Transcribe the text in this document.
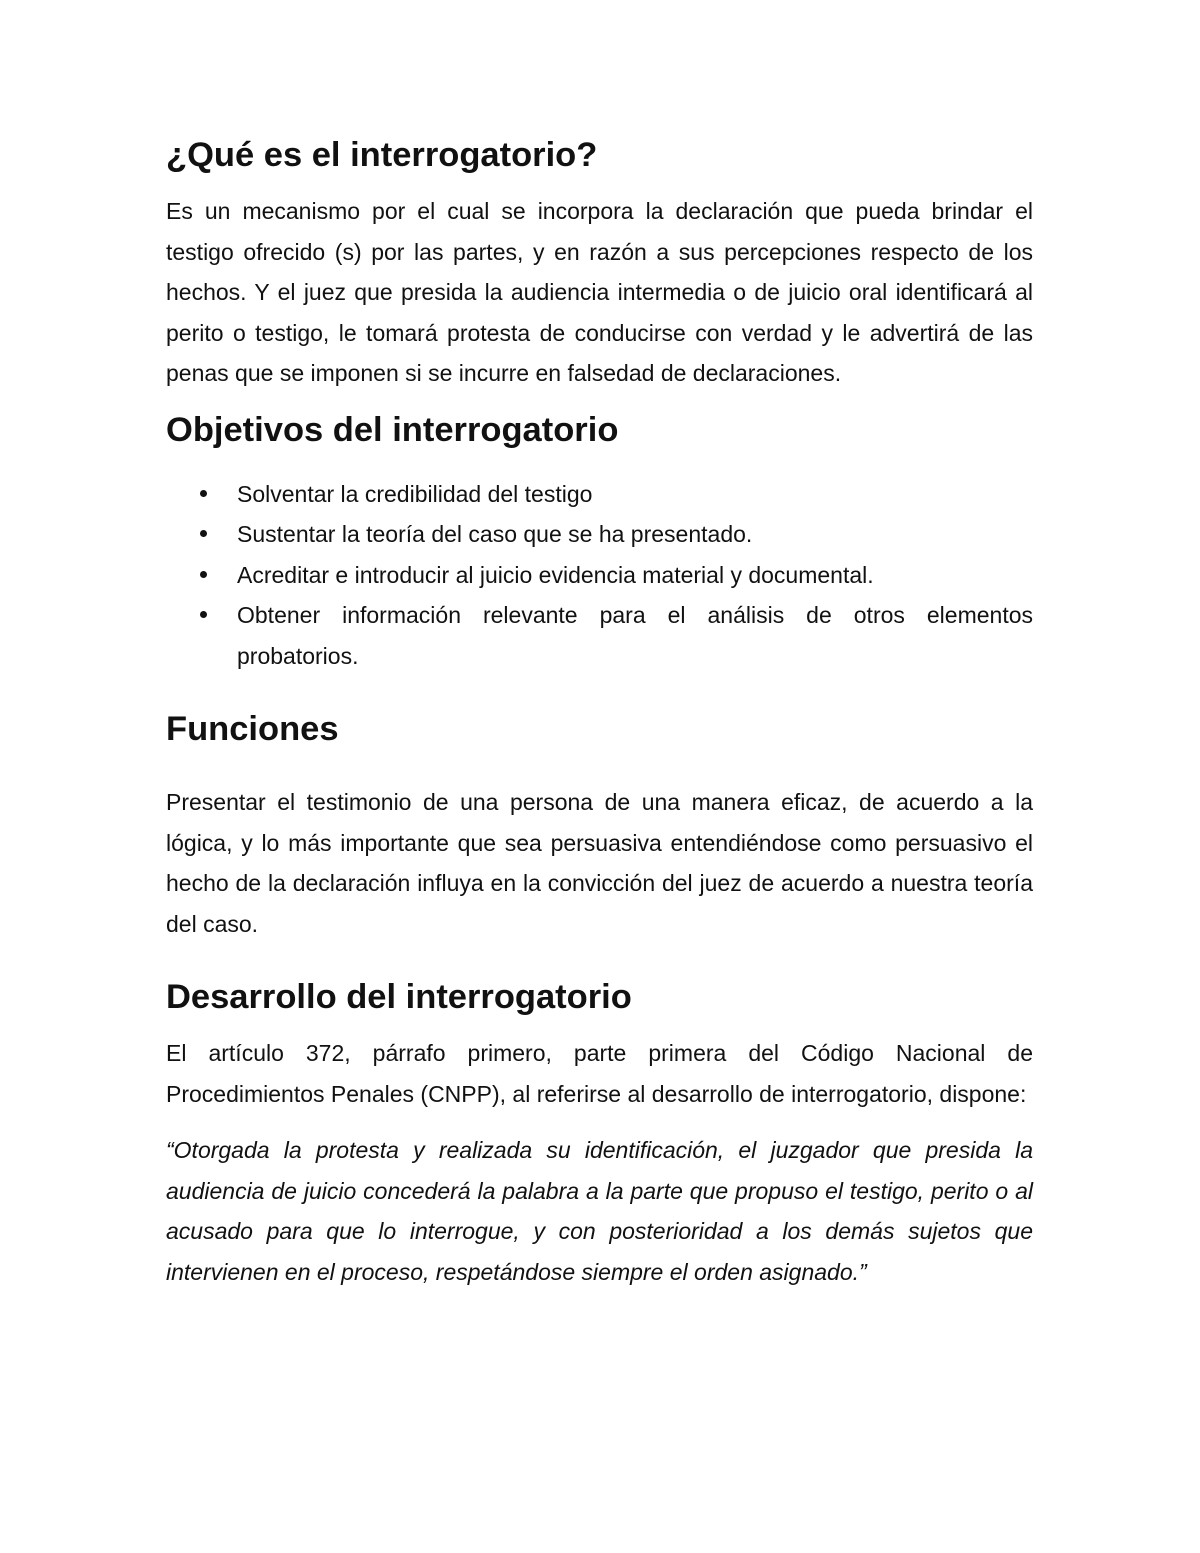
¿Qué es el interrogatorio?

Es un mecanismo por el cual se incorpora la declaración que pueda brindar el testigo ofrecido (s) por las partes, y en razón a sus percepciones respecto de los hechos. Y el juez que presida la audiencia intermedia o de juicio oral identificará al perito o testigo, le tomará protesta de conducirse con verdad y le advertirá de las penas que se imponen si se incurre en falsedad de declaraciones.

Objetivos del interrogatorio
Solventar la credibilidad del testigo
Sustentar la teoría del caso que se ha presentado.
Acreditar e introducir al juicio evidencia material y documental.
Obtener información relevante para el análisis de otros elementos probatorios.
Funciones

Presentar el testimonio de una persona de una manera eficaz, de acuerdo a la lógica, y lo más importante que sea persuasiva entendiéndose como persuasivo el hecho de la declaración influya en la convicción del juez de acuerdo a nuestra teoría del caso.

Desarrollo del interrogatorio

El artículo 372, párrafo primero, parte primera del Código Nacional de Procedimientos Penales (CNPP), al referirse al desarrollo de interrogatorio, dispone:

“Otorgada la protesta y realizada su identificación, el juzgador que presida la audiencia de juicio concederá la palabra a la parte que propuso el testigo, perito o al acusado para que lo interrogue, y con posterioridad a los demás sujetos que intervienen en el proceso, respetándose siempre el orden asignado.”
